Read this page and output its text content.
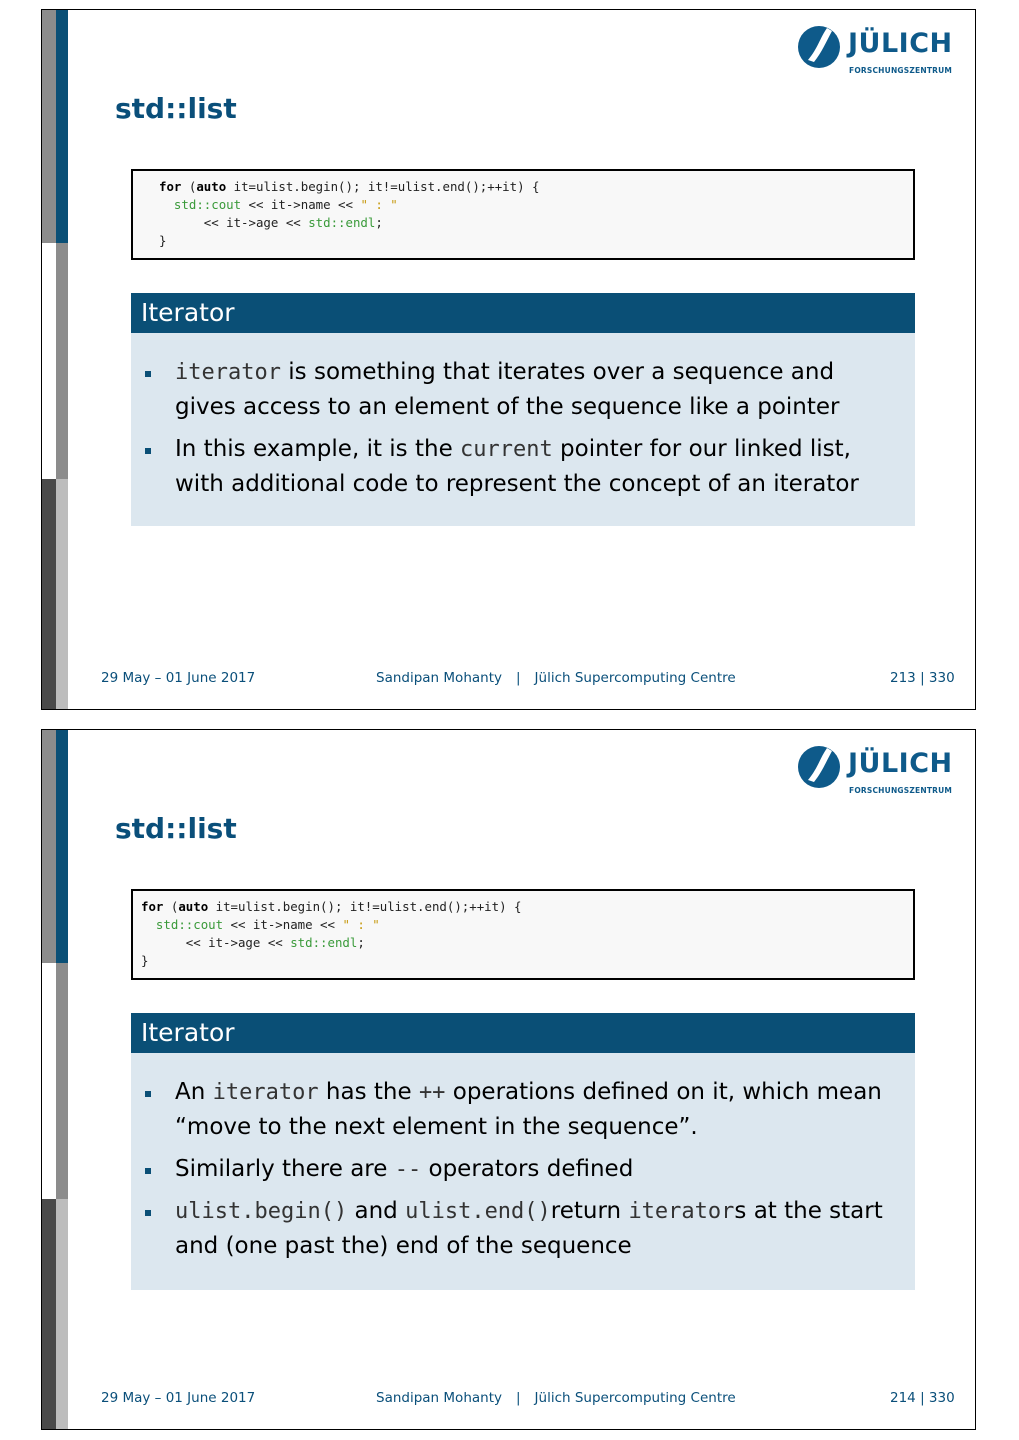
JÜLICH
FORSCHUNGSZENTRUM
std::list
for (auto it=ulist.begin(); it!=ulist.end();++it) {
std::cout << it->name << " : "
<< it->age << std::endl;
}
Iterator
iterator is something that iterates over a sequence and gives access to an element of the sequence like a pointer
In this example, it is the current pointer for our linked list, with additional code to represent the concept of an iterator
29 May – 01 June 2017	Sandipan Mohanty | Jülich Supercomputing Centre	213 | 330
JÜLICH
FORSCHUNGSZENTRUM
std::list
for (auto it=ulist.begin(); it!=ulist.end();++it) {
std::cout << it->name << " : "
<< it->age << std::endl;
}
Iterator
An iterator has the ++ operations defined on it, which mean “move to the next element in the sequence”.
Similarly there are -- operators defined
ulist.begin() and ulist.end()return iterators at the start and (one past the) end of the sequence
29 May – 01 June 2017	Sandipan Mohanty | Jülich Supercomputing Centre	214 | 330
